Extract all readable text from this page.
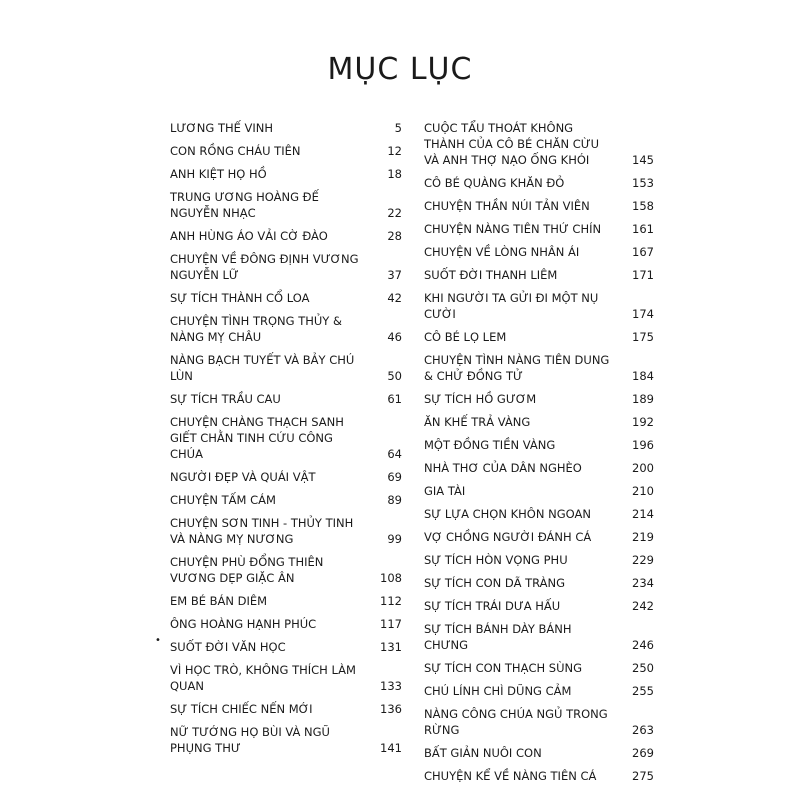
MỤC LỤC
•
LƯƠNG THẾ VINH	5
CON RỒNG CHÁU TIÊN	12
ANH KIỆT HỌ HỒ	18
TRUNG ƯƠNG HOÀNG ĐẾ NGUYỄN NHẠC	22
ANH HÙNG ÁO VẢI CỜ ĐÀO	28
CHUYỆN VỀ ĐÔNG ĐỊNH VƯƠNG NGUYỄN LỮ	37
SỰ TÍCH THÀNH CỔ LOA	42
CHUYỆN TÌNH TRỌNG THỦY & NÀNG MỴ CHÂU	46
NÀNG BẠCH TUYẾT VÀ BẢY CHÚ LÙN	50
SỰ TÍCH TRẦU CAU	61
CHUYỆN CHÀNG THẠCH SANH GIẾT CHẰN TINH CỨU CÔNG CHÚA	64
NGƯỜI ĐẸP VÀ QUÁI VẬT	69
CHUYỆN TẤM CÁM	89
CHUYỆN SƠN TINH - THỦY TINH VÀ NÀNG MỴ NƯƠNG	99
CHUYỆN PHÙ ĐỔNG THIÊN VƯƠNG DẸP GIẶC ÂN	108
EM BÉ BÁN DIÊM	112
ÔNG HOÀNG HẠNH PHÚC	117
SUỐT ĐỜI VĂN HỌC	131
VÌ HỌC TRÒ, KHÔNG THÍCH LÀM QUAN	133
SỰ TÍCH CHIẾC NẾN MỚI	136
NỮ TƯỚNG HỌ BÙI VÀ NGŨ PHỤNG THƯ	141
CUỘC TẨU THOÁT KHÔNG THÀNH CỦA CÔ BÉ CHĂN CỪU VÀ ANH THỢ NẠO ỐNG KHÓI	145
CÔ BÉ QUÀNG KHĂN ĐỎ	153
CHUYỆN THẦN NÚI TẢN VIÊN	158
CHUYỆN NÀNG TIÊN THỨ CHÍN	161
CHUYỆN VỀ LÒNG NHÂN ÁI	167
SUỐT ĐỜI THANH LIÊM	171
KHI NGƯỜI TA GỬI ĐI MỘT NỤ CƯỜI	174
CÔ BÉ LỌ LEM	175
CHUYỆN TÌNH NÀNG TIÊN DUNG & CHỬ ĐỒNG TỬ	184
SỰ TÍCH HỒ GƯƠM	189
ĂN KHẾ TRẢ VÀNG	192
MỘT ĐỒNG TIỀN VÀNG	196
NHÀ THƠ CỦA DÂN NGHÈO	200
GIA TÀI	210
SỰ LỰA CHỌN KHÔN NGOAN	214
VỢ CHỒNG NGƯỜI ĐÁNH CÁ	219
SỰ TÍCH HÒN VỌNG PHU	229
SỰ TÍCH CON DÃ TRÀNG	234
SỰ TÍCH TRÁI DƯA HẤU	242
SỰ TÍCH BÁNH DÀY BÁNH CHƯNG	246
SỰ TÍCH CON THẠCH SÙNG	250
CHÚ LÍNH CHÌ DŨNG CẢM	255
NÀNG CÔNG CHÚA NGỦ TRONG RỪNG	263
BẤT GIẢN NUÔI CON	269
CHUYỆN KỂ VỀ NÀNG TIÊN CÁ	275
